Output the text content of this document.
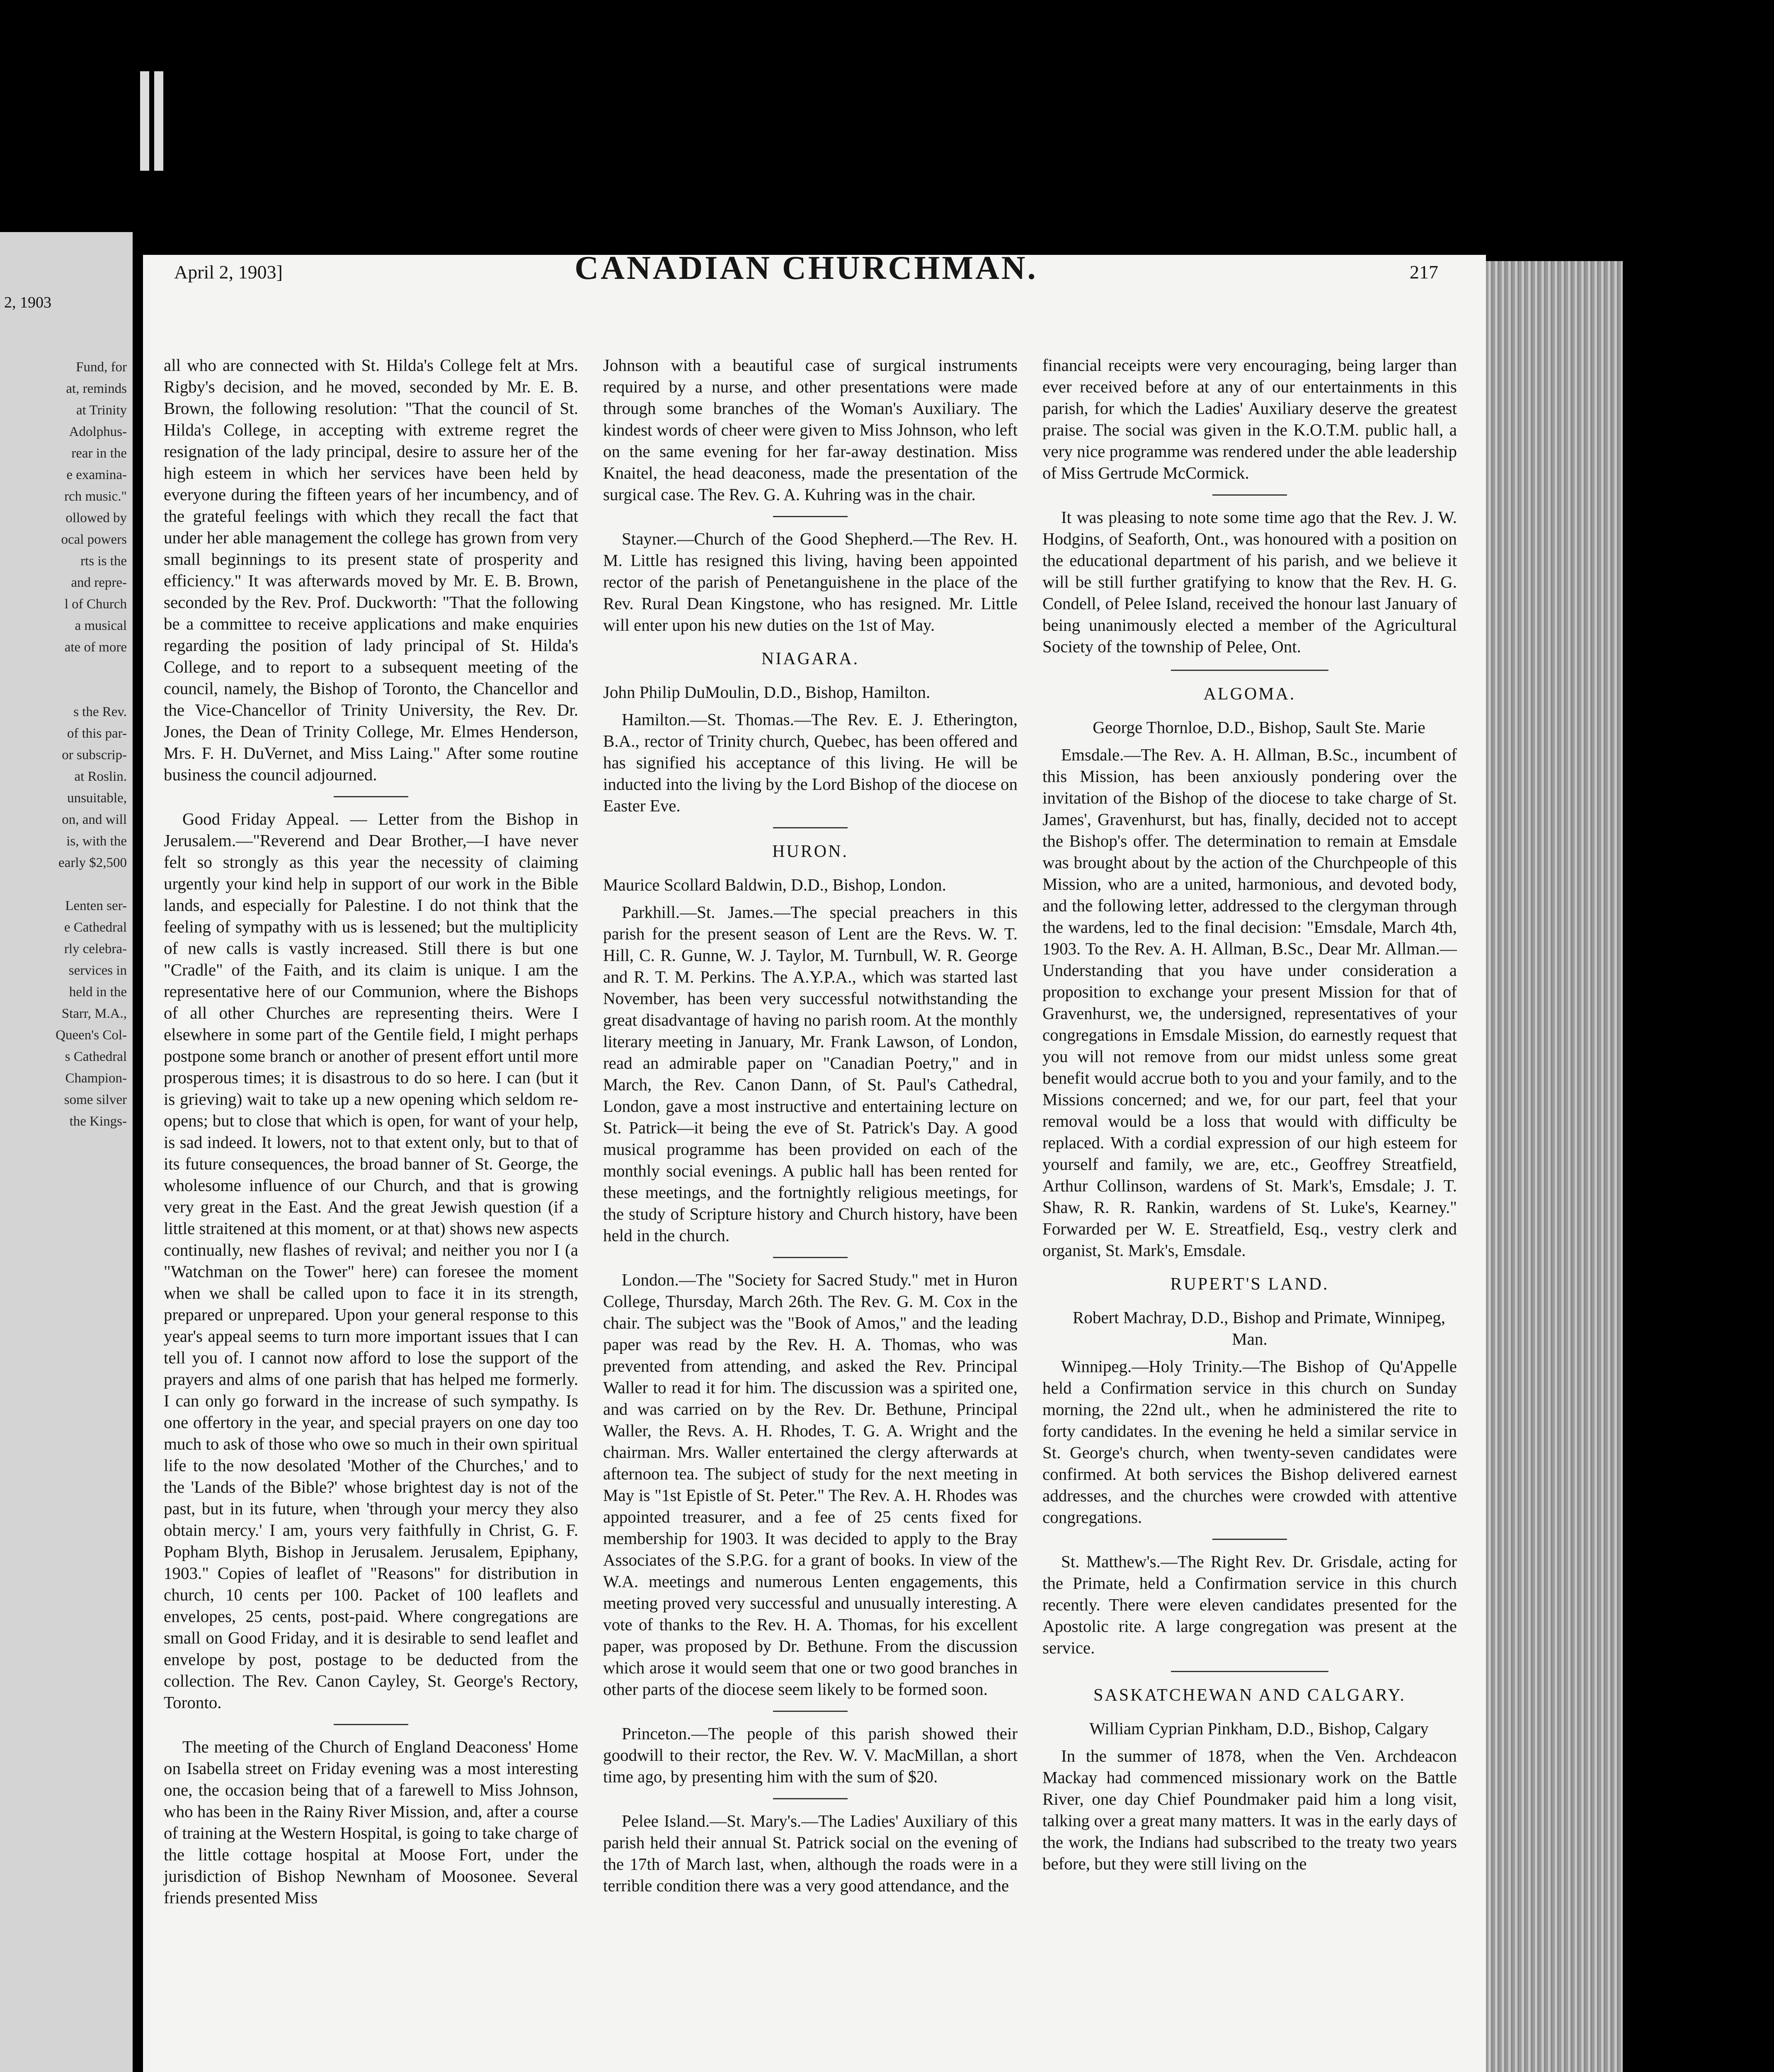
2, 1903
Fund, for
at, reminds
at Trinity
Adolphus-
rear in the
e examina-
rch music."
ollowed by
ocal powers
rts is the
and repre-
l of Church
a musical
ate of more

s the Rev.
of this par-
or subscrip-
at Roslin.
unsuitable,
on, and will
is, with the
early $2,500

Lenten ser-
e Cathedral
rly celebra-
services in
held in the
Starr, M.A.,
Queen's Col-
s Cathedral
Champion-
some silver
the Kings-
April 2, 1903]	CANADIAN CHURCHMAN.	217

all who are connected with St. Hilda's College felt at Mrs. Rigby's decision, and he moved, seconded by Mr. E. B. Brown, the following resolution: "That the council of St. Hilda's College, in accepting with extreme regret the resignation of the lady principal, desire to assure her of the high esteem in which her services have been held by everyone during the fifteen years of her incumbency, and of the grateful feelings with which they recall the fact that under her able management the college has grown from very small beginnings to its present state of prosperity and efficiency." It was afterwards moved by Mr. E. B. Brown, seconded by the Rev. Prof. Duckworth: "That the following be a committee to receive applications and make enquiries regarding the position of lady principal of St. Hilda's College, and to report to a subsequent meeting of the council, namely, the Bishop of Toronto, the Chancellor and the Vice-Chancellor of Trinity University, the Rev. Dr. Jones, the Dean of Trinity College, Mr. Elmes Henderson, Mrs. F. H. DuVernet, and Miss Laing." After some routine business the council adjourned.

Good Friday Appeal. — Letter from the Bishop in Jerusalem.—"Reverend and Dear Brother,—I have never felt so strongly as this year the necessity of claiming urgently your kind help in support of our work in the Bible lands, and especially for Palestine. I do not think that the feeling of sympathy with us is lessened; but the multiplicity of new calls is vastly increased. Still there is but one "Cradle" of the Faith, and its claim is unique. I am the representative here of our Communion, where the Bishops of all other Churches are representing theirs. Were I elsewhere in some part of the Gentile field, I might perhaps postpone some branch or another of present effort until more prosperous times; it is disastrous to do so here. I can (but it is grieving) wait to take up a new opening which seldom re-opens; but to close that which is open, for want of your help, is sad indeed. It lowers, not to that extent only, but to that of its future consequences, the broad banner of St. George, the wholesome influence of our Church, and that is growing very great in the East. And the great Jewish question (if a little straitened at this moment, or at that) shows new aspects continually, new flashes of revival; and neither you nor I (a "Watchman on the Tower" here) can foresee the moment when we shall be called upon to face it in its strength, prepared or unprepared. Upon your general response to this year's appeal seems to turn more important issues that I can tell you of. I cannot now afford to lose the support of the prayers and alms of one parish that has helped me formerly. I can only go forward in the increase of such sympathy. Is one offertory in the year, and special prayers on one day too much to ask of those who owe so much in their own spiritual life to the now desolated 'Mother of the Churches,' and to the 'Lands of the Bible?' whose brightest day is not of the past, but in its future, when 'through your mercy they also obtain mercy.' I am, yours very faithfully in Christ, G. F. Popham Blyth, Bishop in Jerusalem. Jerusalem, Epiphany, 1903." Copies of leaflet of "Reasons" for distribution in church, 10 cents per 100. Packet of 100 leaflets and envelopes, 25 cents, post-paid. Where congregations are small on Good Friday, and it is desirable to send leaflet and envelope by post, postage to be deducted from the collection. The Rev. Canon Cayley, St. George's Rectory, Toronto.

The meeting of the Church of England Deaconess' Home on Isabella street on Friday evening was a most interesting one, the occasion being that of a farewell to Miss Johnson, who has been in the Rainy River Mission, and, after a course of training at the Western Hospital, is going to take charge of the little cottage hospital at Moose Fort, under the jurisdiction of Bishop Newnham of Moosonee. Several friends presented Miss

Johnson with a beautiful case of surgical instruments required by a nurse, and other presentations were made through some branches of the Woman's Auxiliary. The kindest words of cheer were given to Miss Johnson, who left on the same evening for her far-away destination. Miss Knaitel, the head deaconess, made the presentation of the surgical case. The Rev. G. A. Kuhring was in the chair.

Stayner.—Church of the Good Shepherd.—The Rev. H. M. Little has resigned this living, having been appointed rector of the parish of Penetanguishene in the place of the Rev. Rural Dean Kingstone, who has resigned. Mr. Little will enter upon his new duties on the 1st of May.

NIAGARA.

John Philip DuMoulin, D.D., Bishop, Hamilton.

Hamilton.—St. Thomas.—The Rev. E. J. Etherington, B.A., rector of Trinity church, Quebec, has been offered and has signified his acceptance of this living. He will be inducted into the living by the Lord Bishop of the diocese on Easter Eve.

HURON.

Maurice Scollard Baldwin, D.D., Bishop, London.

Parkhill.—St. James.—The special preachers in this parish for the present season of Lent are the Revs. W. T. Hill, C. R. Gunne, W. J. Taylor, M. Turnbull, W. R. George and R. T. M. Perkins. The A.Y.P.A., which was started last November, has been very successful notwithstanding the great disadvantage of having no parish room. At the monthly literary meeting in January, Mr. Frank Lawson, of London, read an admirable paper on "Canadian Poetry," and in March, the Rev. Canon Dann, of St. Paul's Cathedral, London, gave a most instructive and entertaining lecture on St. Patrick—it being the eve of St. Patrick's Day. A good musical programme has been provided on each of the monthly social evenings. A public hall has been rented for these meetings, and the fortnightly religious meetings, for the study of Scripture history and Church history, have been held in the church.

London.—The "Society for Sacred Study." met in Huron College, Thursday, March 26th. The Rev. G. M. Cox in the chair. The subject was the "Book of Amos," and the leading paper was read by the Rev. H. A. Thomas, who was prevented from attending, and asked the Rev. Principal Waller to read it for him. The discussion was a spirited one, and was carried on by the Rev. Dr. Bethune, Principal Waller, the Revs. A. H. Rhodes, T. G. A. Wright and the chairman. Mrs. Waller entertained the clergy afterwards at afternoon tea. The subject of study for the next meeting in May is "1st Epistle of St. Peter." The Rev. A. H. Rhodes was appointed treasurer, and a fee of 25 cents fixed for membership for 1903. It was decided to apply to the Bray Associates of the S.P.G. for a grant of books. In view of the W.A. meetings and numerous Lenten engagements, this meeting proved very successful and unusually interesting. A vote of thanks to the Rev. H. A. Thomas, for his excellent paper, was proposed by Dr. Bethune. From the discussion which arose it would seem that one or two good branches in other parts of the diocese seem likely to be formed soon.

Princeton.—The people of this parish showed their goodwill to their rector, the Rev. W. V. MacMillan, a short time ago, by presenting him with the sum of $20.

Pelee Island.—St. Mary's.—The Ladies' Auxiliary of this parish held their annual St. Patrick social on the evening of the 17th of March last, when, although the roads were in a terrible condition there was a very good attendance, and the

financial receipts were very encouraging, being larger than ever received before at any of our entertainments in this parish, for which the Ladies' Auxiliary deserve the greatest praise. The social was given in the K.O.T.M. public hall, a very nice programme was rendered under the able leadership of Miss Gertrude McCormick.

It was pleasing to note some time ago that the Rev. J. W. Hodgins, of Seaforth, Ont., was honoured with a position on the educational department of his parish, and we believe it will be still further gratifying to know that the Rev. H. G. Condell, of Pelee Island, received the honour last January of being unanimously elected a member of the Agricultural Society of the township of Pelee, Ont.

ALGOMA.

George Thornloe, D.D., Bishop, Sault Ste. Marie

Emsdale.—The Rev. A. H. Allman, B.Sc., incumbent of this Mission, has been anxiously pondering over the invitation of the Bishop of the diocese to take charge of St. James', Gravenhurst, but has, finally, decided not to accept the Bishop's offer. The determination to remain at Emsdale was brought about by the action of the Churchpeople of this Mission, who are a united, harmonious, and devoted body, and the following letter, addressed to the clergyman through the wardens, led to the final decision: "Emsdale, March 4th, 1903. To the Rev. A. H. Allman, B.Sc., Dear Mr. Allman.—Understanding that you have under consideration a proposition to exchange your present Mission for that of Gravenhurst, we, the undersigned, representatives of your congregations in Emsdale Mission, do earnestly request that you will not remove from our midst unless some great benefit would accrue both to you and your family, and to the Missions concerned; and we, for our part, feel that your removal would be a loss that would with difficulty be replaced. With a cordial expression of our high esteem for yourself and family, we are, etc., Geoffrey Streatfield, Arthur Collinson, wardens of St. Mark's, Emsdale; J. T. Shaw, R. R. Rankin, wardens of St. Luke's, Kearney." Forwarded per W. E. Streatfield, Esq., vestry clerk and organist, St. Mark's, Emsdale.

RUPERT'S LAND.

Robert Machray, D.D., Bishop and Primate, Winnipeg, Man.

Winnipeg.—Holy Trinity.—The Bishop of Qu'Appelle held a Confirmation service in this church on Sunday morning, the 22nd ult., when he administered the rite to forty candidates. In the evening he held a similar service in St. George's church, when twenty-seven candidates were confirmed. At both services the Bishop delivered earnest addresses, and the churches were crowded with attentive congregations.

St. Matthew's.—The Right Rev. Dr. Grisdale, acting for the Primate, held a Confirmation service in this church recently. There were eleven candidates presented for the Apostolic rite. A large congregation was present at the service.

SASKATCHEWAN AND CALGARY.

William Cyprian Pinkham, D.D., Bishop, Calgary

In the summer of 1878, when the Ven. Archdeacon Mackay had commenced missionary work on the Battle River, one day Chief Poundmaker paid him a long visit, talking over a great many matters. It was in the early days of the work, the Indians had subscribed to the treaty two years before, but they were still living on the
